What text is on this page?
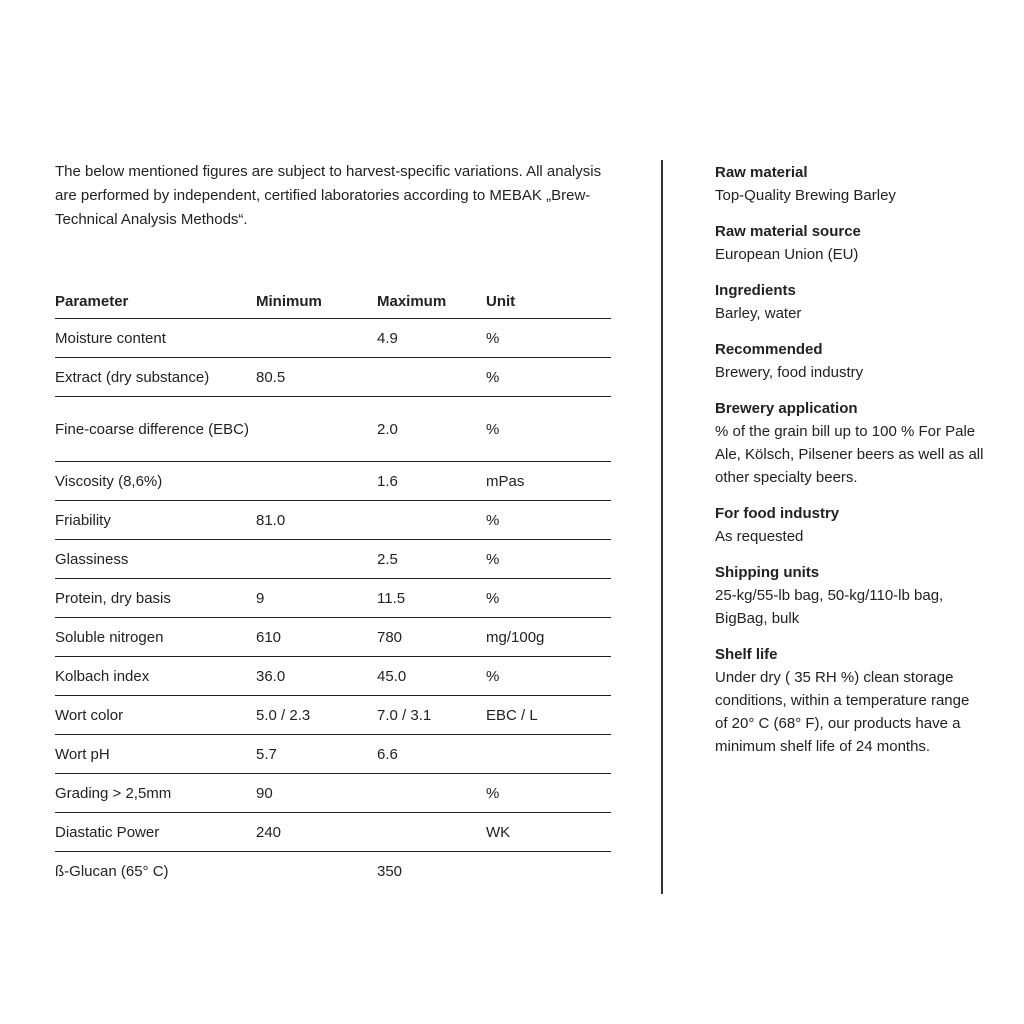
The below mentioned figures are subject to harvest-specific variations. All analysis are performed by independent, certified laboratories according to MEBAK „Brew-Technical Analysis Methods“.

Parameter	Minimum	Maximum	Unit
Moisture content		4.9	%
Extract (dry substance)	80.5		%
Fine-coarse difference (EBC)		2.0	%
Viscosity (8,6%)		1.6	mPas
Friability	81.0		%
Glassiness		2.5	%
Protein, dry basis	9	11.5	%
Soluble nitrogen	610	780	mg/100g
Kolbach index	36.0	45.0	%
Wort color	5.0 / 2.3	7.0 / 3.1	EBC / L
Wort pH	5.7	6.6	
Grading > 2,5mm	90		%
Diastatic Power	240		WK
ß-Glucan (65° C)		350	
Raw material
Top-Quality Brewing Barley
Raw material source
European Union (EU)
Ingredients
Barley, water
Recommended
Brewery, food industry
Brewery application
% of the grain bill up to 100 % For Pale Ale, Kölsch, Pilsener beers as well as all other specialty beers.
For food industry
As requested
Shipping units
25-kg/55-lb bag, 50-kg/110-lb bag, BigBag, bulk
Shelf life
Under dry ( 35 RH %) clean storage conditions, within a temperature range of 20° C (68° F), our products have a minimum shelf life of 24 months.
